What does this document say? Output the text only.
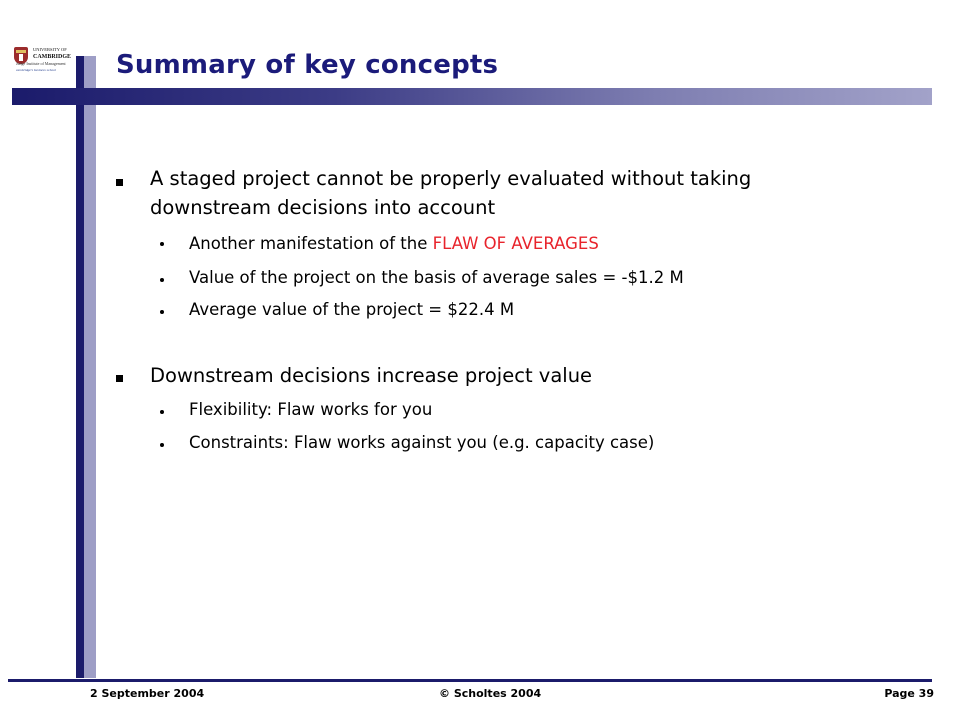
UNIVERSITY OF
CAMBRIDGE
Judge Institute of Management
cambridge’s business school Summary of key concepts
A staged project cannot be properly evaluated without taking downstream decisions into account
Another manifestation of the FLAW OF AVERAGES
Value of the project on the basis of average sales = -$1.2 M
Average value of the project = $22.4 M
Downstream decisions increase project value
Flexibility: Flaw works for you
Constraints: Flaw works against you (e.g. capacity case)
2 September 2004	© Scholtes 2004	Page 39
